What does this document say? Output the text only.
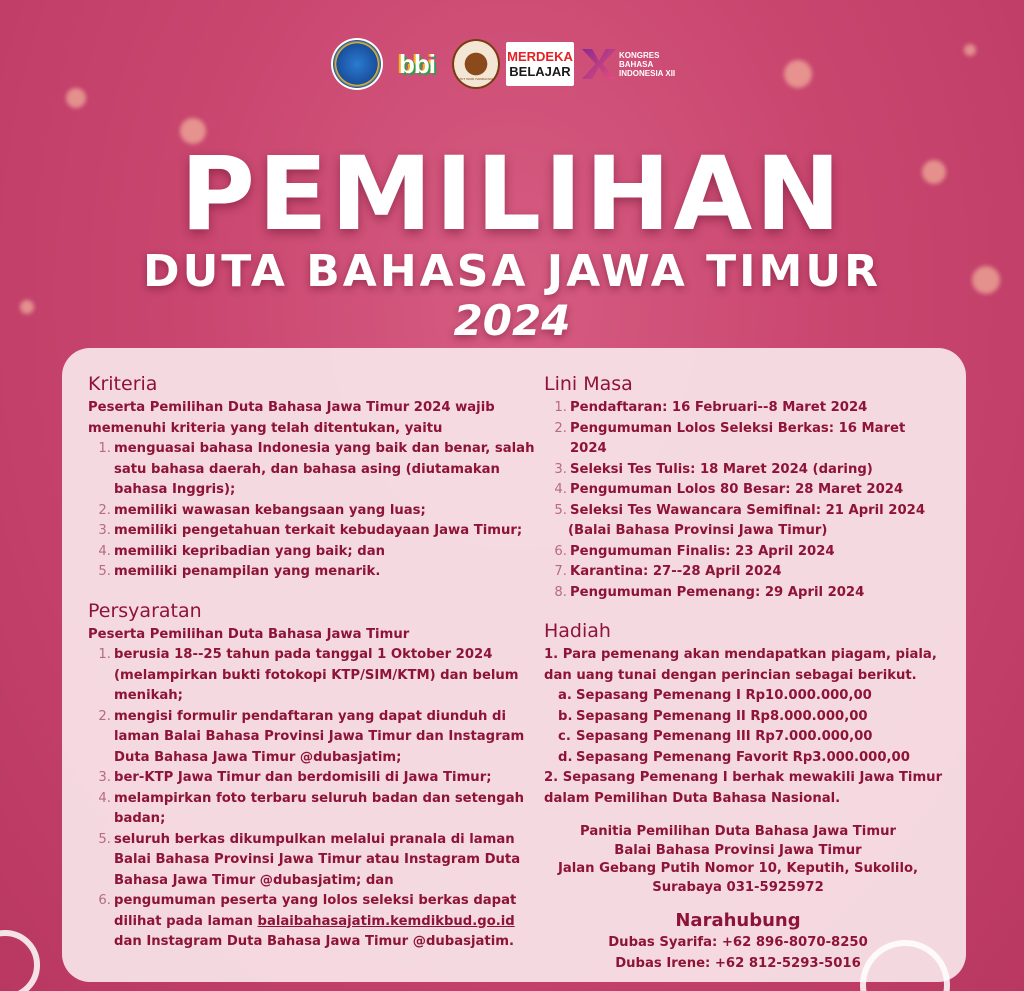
bbi
TUT WURI HANDAYANI
MERDEKA
BELAJAR
KONGRES
BAHASA
INDONESIA XII
PEMILIHAN
DUTA BAHASA JAWA TIMUR
2024
Kriteria
Peserta Pemilihan Duta Bahasa Jawa Timur 2024 wajib memenuhi kriteria yang telah ditentukan, yaitu
1. menguasai bahasa Indonesia yang baik dan benar, salah satu bahasa daerah, dan bahasa asing (diutamakan bahasa Inggris);
2. memiliki wawasan kebangsaan yang luas;
3. memiliki pengetahuan terkait kebudayaan Jawa Timur;
4. memiliki kepribadian yang baik; dan
5. memiliki penampilan yang menarik.
Persyaratan
Peserta Pemilihan Duta Bahasa Jawa Timur
1. berusia 18--25 tahun pada tanggal 1 Oktober 2024 (melampirkan bukti fotokopi KTP/SIM/KTM) dan belum menikah;
2. mengisi formulir pendaftaran yang dapat diunduh di laman Balai Bahasa Provinsi Jawa Timur dan Instagram Duta Bahasa Jawa Timur @dubasjatim;
3. ber-KTP Jawa Timur dan berdomisili di Jawa Timur;
4. melampirkan foto terbaru seluruh badan dan setengah badan;
5. seluruh berkas dikumpulkan melalui pranala di laman Balai Bahasa Provinsi Jawa Timur atau Instagram Duta Bahasa Jawa Timur @dubasjatim; dan
6. pengumuman peserta yang lolos seleksi berkas dapat dilihat pada laman balaibahasajatim.kemdikbud.go.id dan Instagram Duta Bahasa Jawa Timur @dubasjatim.
Lini Masa
1. Pendaftaran: 16 Februari--8 Maret 2024
2. Pengumuman Lolos Seleksi Berkas: 16 Maret 2024
3. Seleksi Tes Tulis: 18 Maret 2024 (daring)
4. Pengumuman Lolos 80 Besar: 28 Maret 2024
5. Seleksi Tes Wawancara Semifinal: 21 April 2024
(Balai Bahasa Provinsi Jawa Timur)
6. Pengumuman Finalis: 23 April 2024
7. Karantina: 27--28 April 2024
8. Pengumuman Pemenang: 29 April 2024
Hadiah
1. Para pemenang akan mendapatkan piagam, piala, dan uang tunai dengan perincian sebagai berikut.
a. Sepasang Pemenang I Rp10.000.000,00
b. Sepasang Pemenang II Rp8.000.000,00
c. Sepasang Pemenang III Rp7.000.000,00
d. Sepasang Pemenang Favorit Rp3.000.000,00
2. Sepasang Pemenang I berhak mewakili Jawa Timur dalam Pemilihan Duta Bahasa Nasional.
Panitia Pemilihan Duta Bahasa Jawa Timur
Balai Bahasa Provinsi Jawa Timur
Jalan Gebang Putih Nomor 10, Keputih, Sukolilo,
Surabaya 031-5925972
Narahubung
Dubas Syarifa: +62 896-8070-8250
Dubas Irene: +62 812-5293-5016
